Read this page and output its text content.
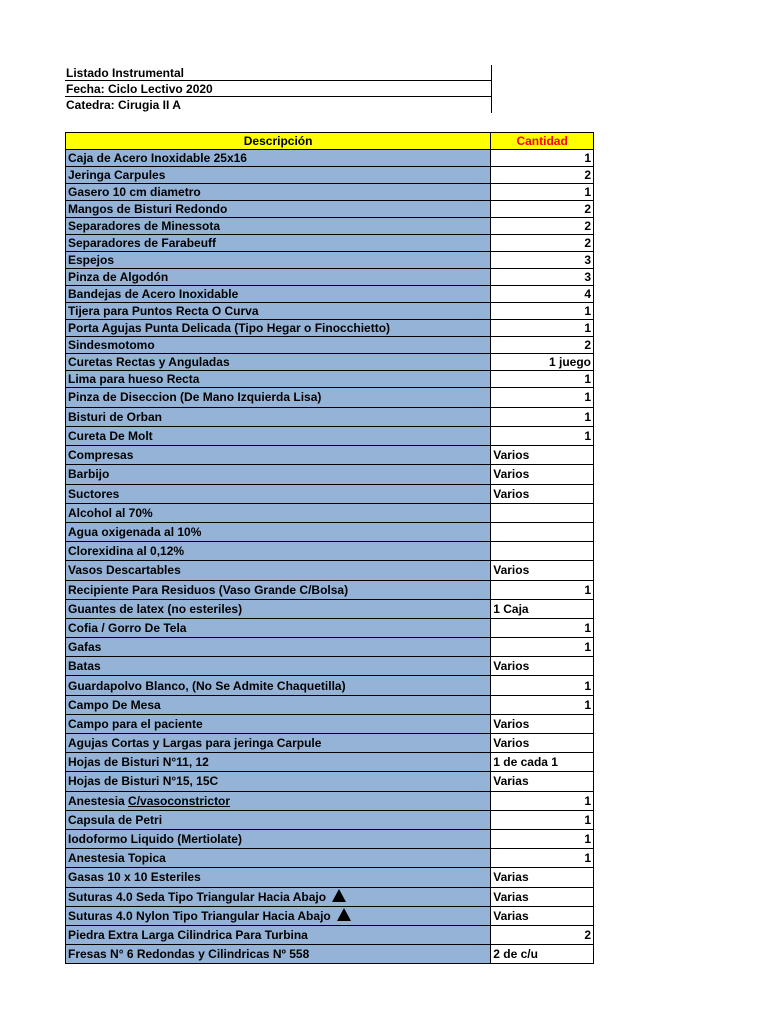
Listado Instrumental
Fecha: Ciclo Lectivo 2020
Catedra: Cirugia II A
Descripción	Cantidad
Caja de Acero Inoxidable 25x16	1
Jeringa Carpules	2
Gasero 10 cm diametro	1
Mangos de Bisturi Redondo	2
Separadores de Minessota	2
Separadores de Farabeuff	2
Espejos	3
Pinza de Algodón	3
Bandejas de Acero Inoxidable	4
Tijera para Puntos Recta O Curva	1
Porta Agujas Punta Delicada (Tipo Hegar o Finocchietto)	1
Sindesmotomo	2
Curetas Rectas y Anguladas	1 juego
Lima para hueso Recta	1
Pinza de Diseccion (De Mano Izquierda Lisa)	1
Bisturi de Orban	1
Cureta De Molt	1
Compresas	Varios
Barbijo	Varios
Suctores	Varios
Alcohol al 70%	
Agua oxigenada al 10%	
Clorexidina al 0,12%	
Vasos Descartables	Varios
Recipiente Para Residuos (Vaso Grande C/Bolsa)	1
Guantes de latex (no esteriles)	1 Caja
Cofia / Gorro De Tela	1
Gafas	1
Batas	Varios
Guardapolvo Blanco, (No Se Admite Chaquetilla)	1
Campo De Mesa	1
Campo para el paciente	Varios
Agujas Cortas y Largas para jeringa Carpule	Varios
Hojas de Bisturi N°11, 12	1 de cada 1
Hojas de Bisturi N°15, 15C	Varias
Anestesia C/vasoconstrictor	1
Capsula de Petri	1
Iodoformo Liquido (Mertiolate)	1
Anestesia Topica	1
Gasas 10 x 10 Esteriles	Varias
Suturas 4.0 Seda Tipo Triangular Hacia Abajo	Varias
Suturas 4.0 Nylon Tipo Triangular Hacia Abajo	Varias
Piedra Extra Larga Cilindrica Para Turbina	2
Fresas N° 6 Redondas y Cilindricas Nº 558	2 de c/u
